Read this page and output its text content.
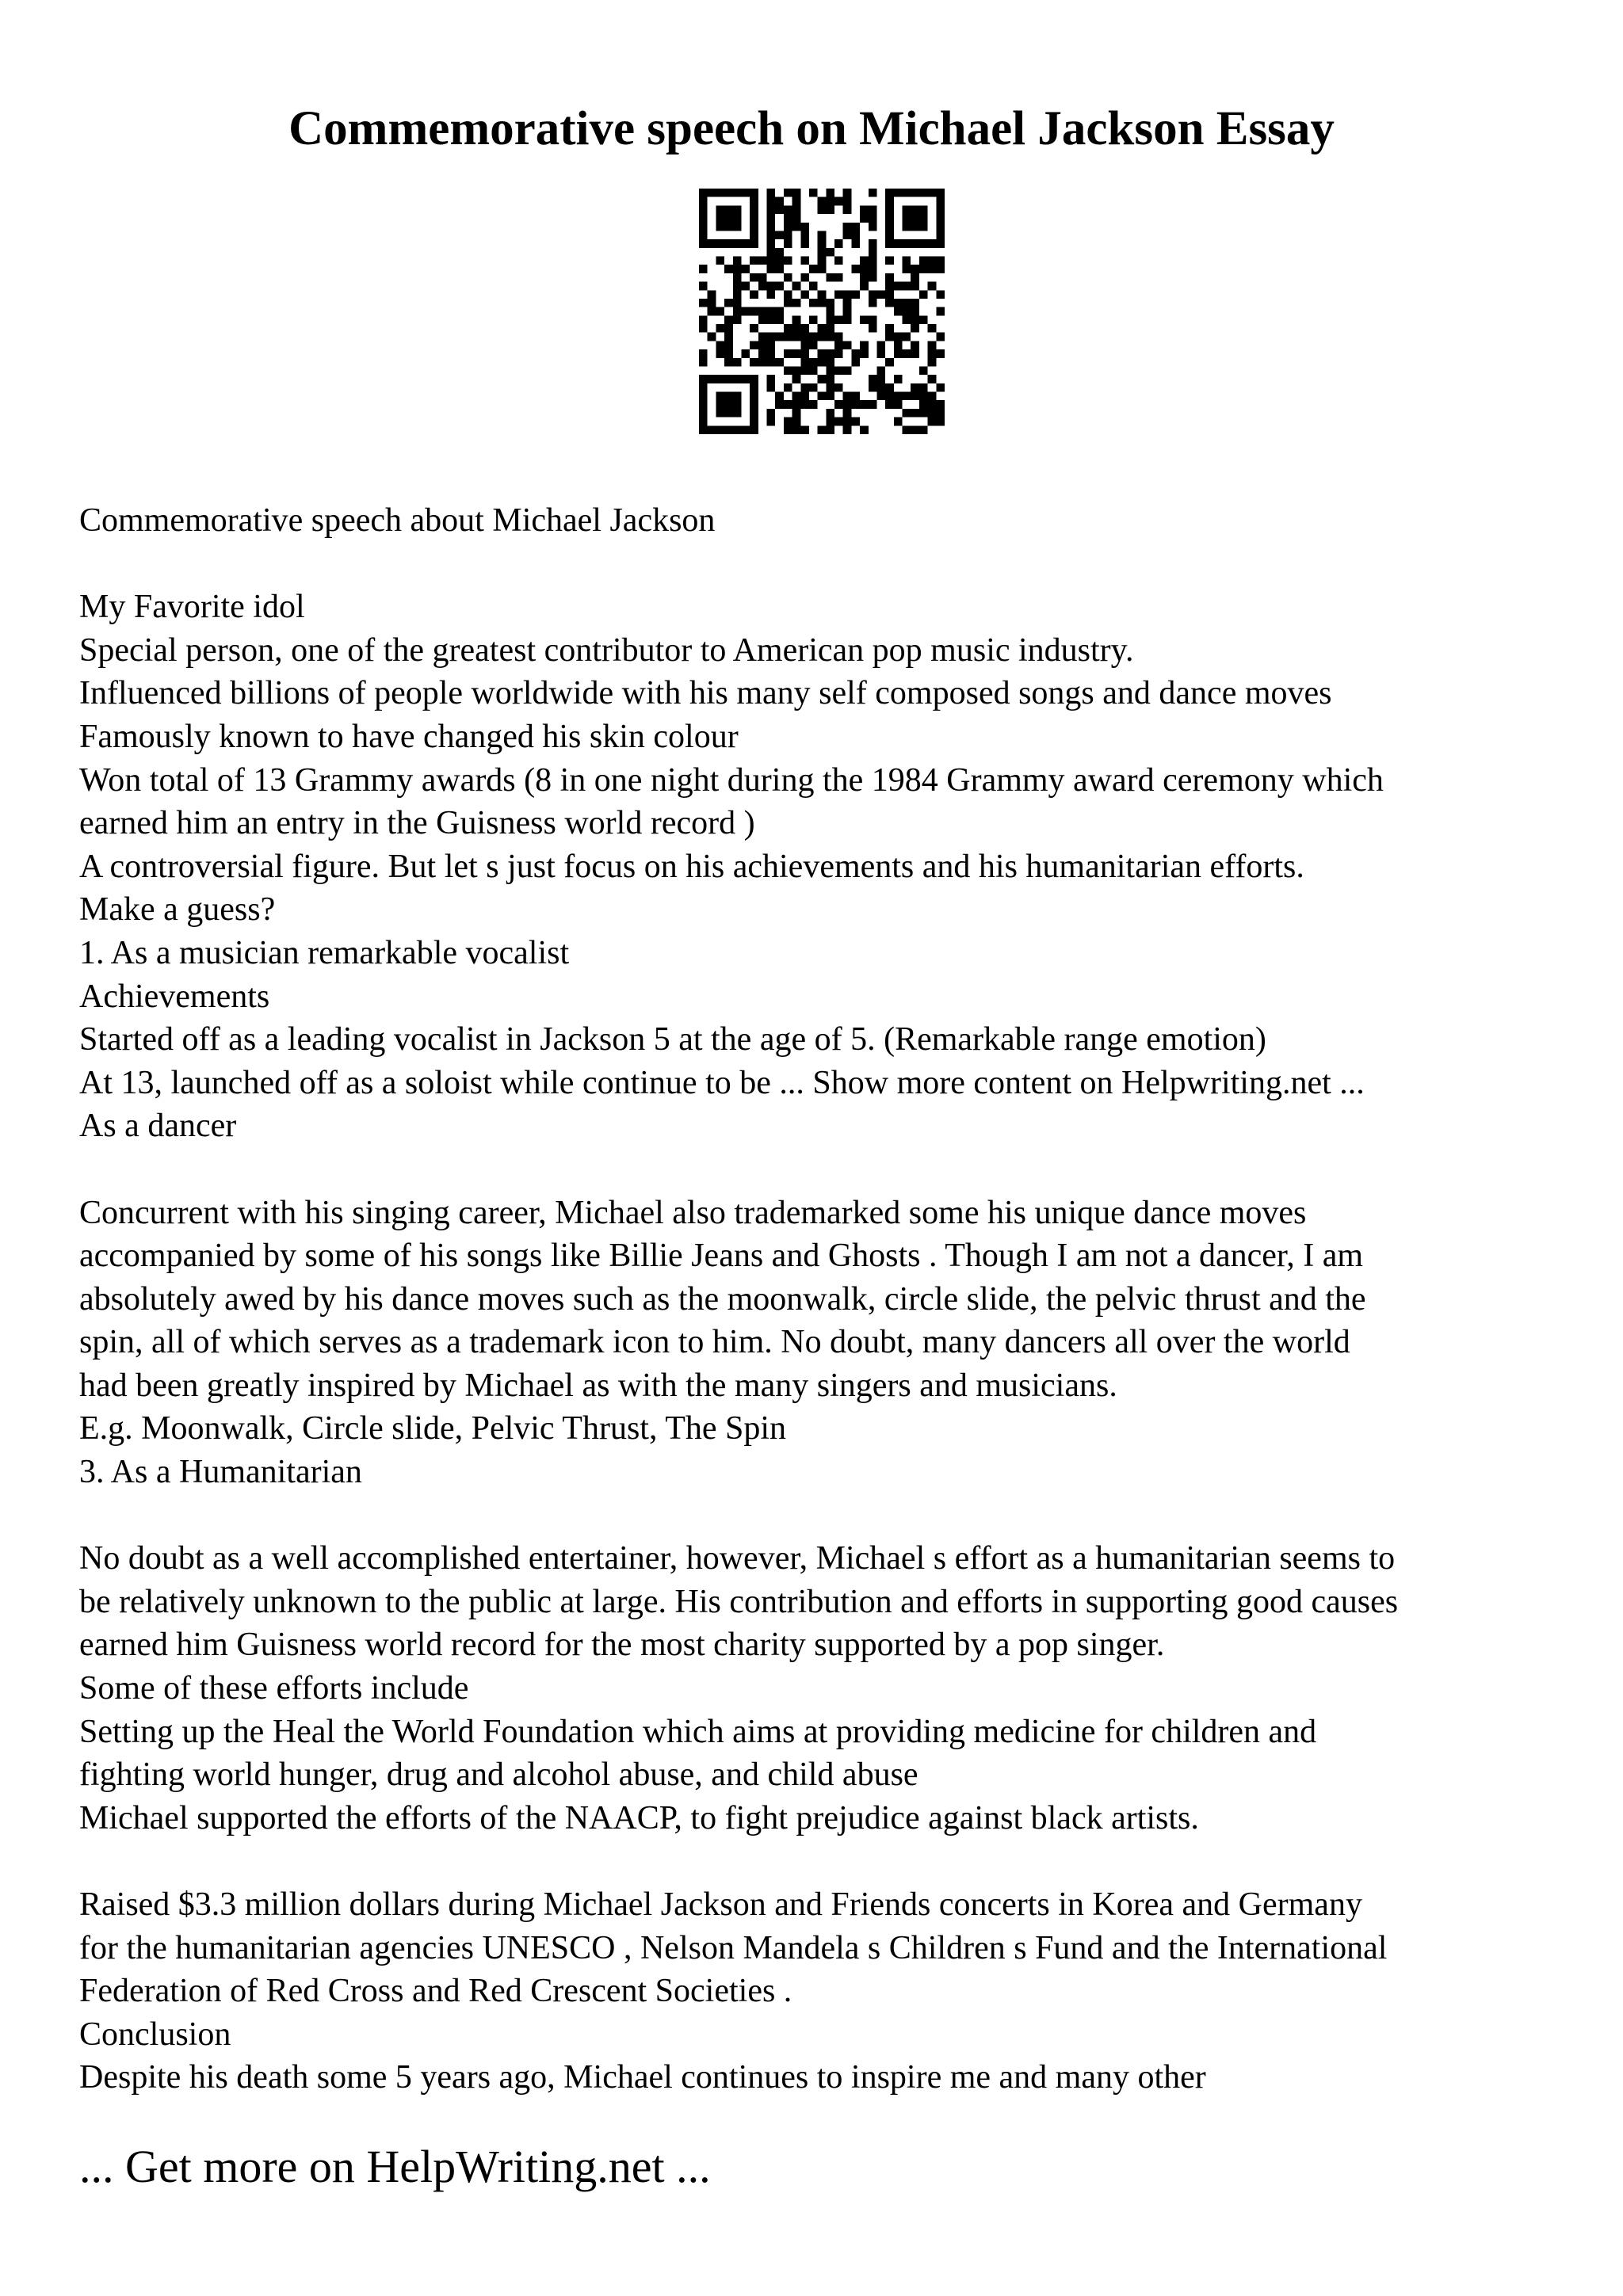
Commemorative speech on Michael Jackson Essay
Commemorative speech about Michael Jackson
My Favorite idol
Special person, one of the greatest contributor to American pop music industry.
Influenced billions of people worldwide with his many self composed songs and dance moves
Famously known to have changed his skin colour
Won total of 13 Grammy awards (8 in one night during the 1984 Grammy award ceremony which
earned him an entry in the Guisness world record )
A controversial figure. But let s just focus on his achievements and his humanitarian efforts.
Make a guess?
1. As a musician remarkable vocalist
Achievements
Started off as a leading vocalist in Jackson 5 at the age of 5. (Remarkable range emotion)
At 13, launched off as a soloist while continue to be ... Show more content on Helpwriting.net ...
As a dancer
Concurrent with his singing career, Michael also trademarked some his unique dance moves
accompanied by some of his songs like Billie Jeans and Ghosts . Though I am not a dancer, I am
absolutely awed by his dance moves such as the moonwalk, circle slide, the pelvic thrust and the
spin, all of which serves as a trademark icon to him. No doubt, many dancers all over the world
had been greatly inspired by Michael as with the many singers and musicians.
E.g. Moonwalk, Circle slide, Pelvic Thrust, The Spin
3. As a Humanitarian
No doubt as a well accomplished entertainer, however, Michael s effort as a humanitarian seems to
be relatively unknown to the public at large. His contribution and efforts in supporting good causes
earned him Guisness world record for the most charity supported by a pop singer.
Some of these efforts include
Setting up the Heal the World Foundation which aims at providing medicine for children and
fighting world hunger, drug and alcohol abuse, and child abuse
Michael supported the efforts of the NAACP, to fight prejudice against black artists.
Raised $3.3 million dollars during Michael Jackson and Friends concerts in Korea and Germany
for the humanitarian agencies UNESCO , Nelson Mandela s Children s Fund and the International
Federation of Red Cross and Red Crescent Societies .
Conclusion
Despite his death some 5 years ago, Michael continues to inspire me and many other
... Get more on HelpWriting.net ...
